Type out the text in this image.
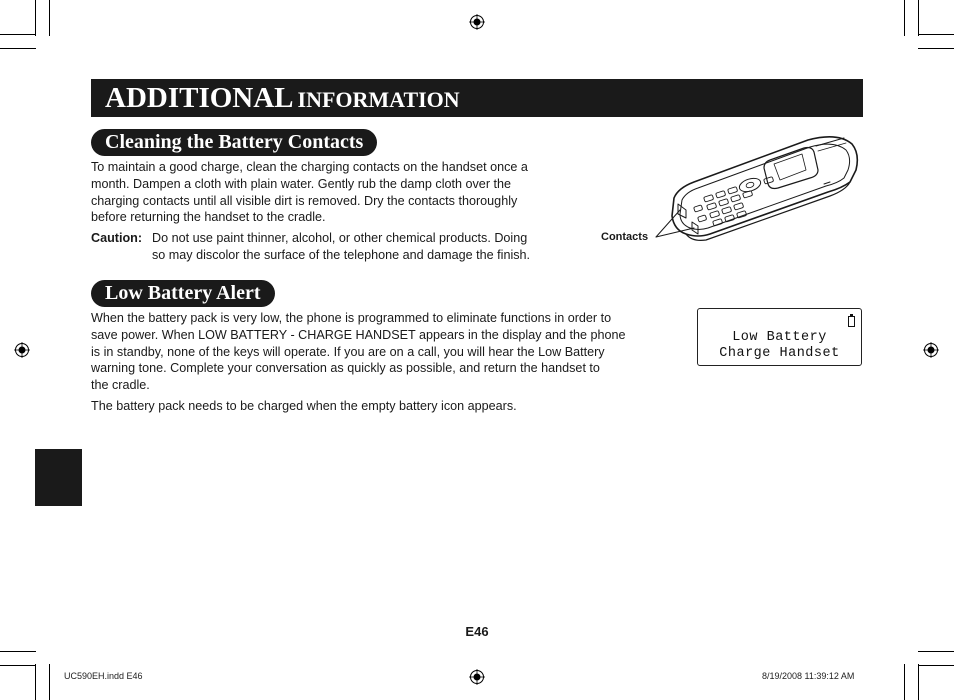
ADDITIONAL INFORMATION
Cleaning the Battery Contacts

To maintain a good charge, clean the charging contacts on the handset once a
month. Dampen a cloth with plain water. Gently rub the damp cloth over the
charging contacts until all visible dirt is removed. Dry the contacts thoroughly
before returning the handset to the cradle.

Caution: Do not use paint thinner, alcohol, or other chemical products. Doing
so may discolor the surface of the telephone and damage the finish.
Contacts
Low Battery Alert

When the battery pack is very low, the phone is programmed to eliminate functions in order to
save power. When LOW BATTERY - CHARGE HANDSET appears in the display and the phone
is in standby, none of the keys will operate. If you are on a call, you will hear the Low Battery
warning tone. Complete your conversation as quickly as possible, and return the handset to
the cradle.

The battery pack needs to be charged when the empty battery icon appears.

Low Battery
Charge Handset
E46
UC590EH.indd E46	8/19/2008 11:39:12 AM
